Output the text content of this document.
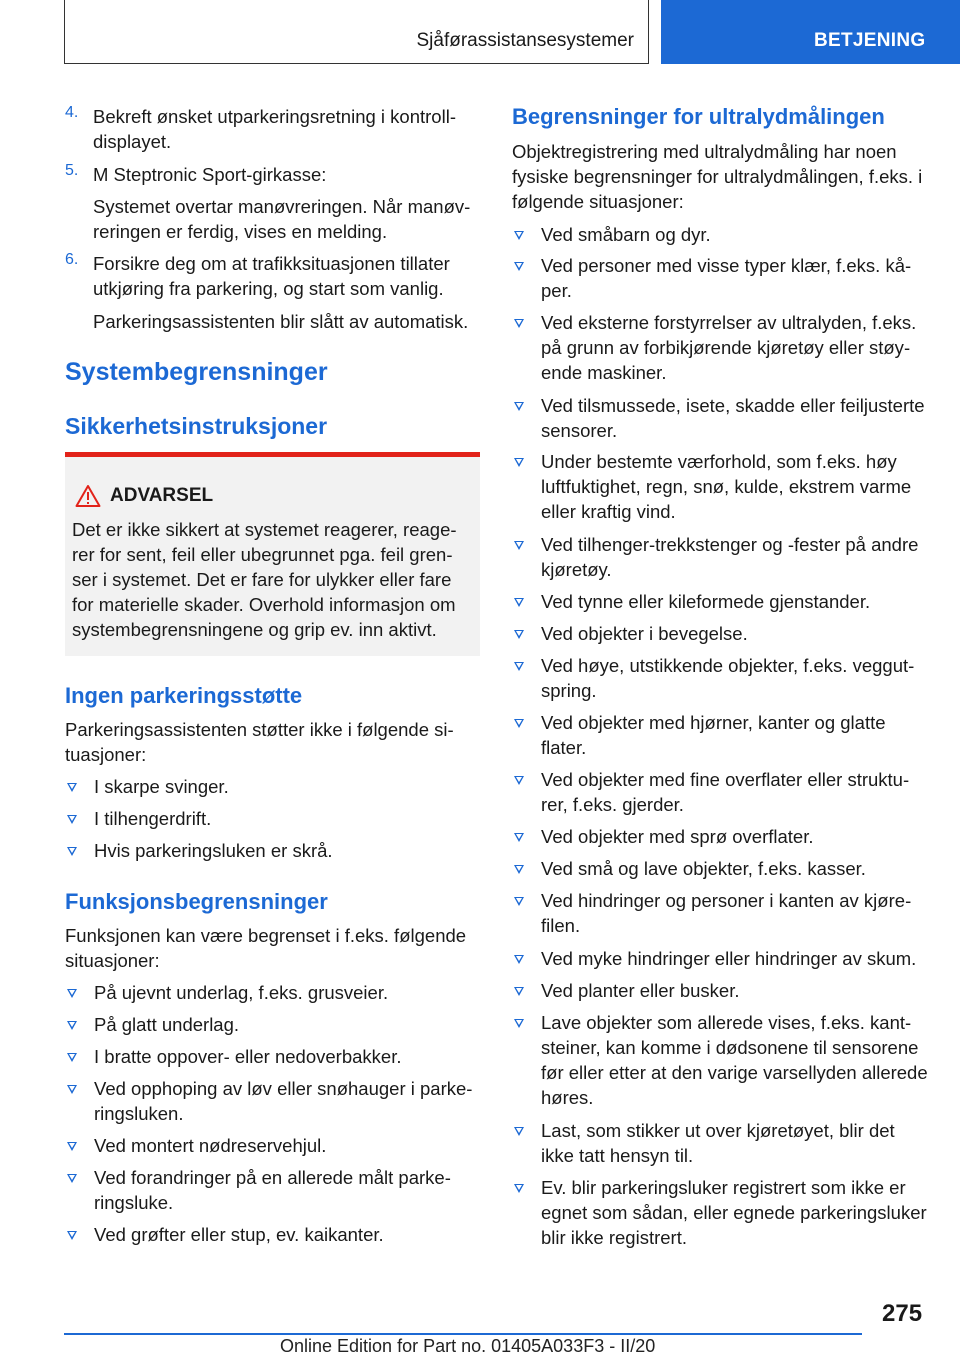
Sjåførassistansesystemer	BETJENING
4. Bekreft ønsket utparkeringsretning i kontrolldisplayet.

5. M Steptronic Sport-girkasse:

Systemet overtar manøvreringen. Når manøvreringen er ferdig, vises en melding.

6. Forsikre deg om at trafikksituasjonen tillater utkjøring fra parkering, og start som vanlig.

Parkeringsassistenten blir slått av automatisk.

Systembegrensninger
Sikkerhetsinstruksjoner
ADVARSEL

Det er ikke sikkert at systemet reagerer, reagerer for sent, feil eller ubegrunnet pga. feil grenser i systemet. Det er fare for ulykker eller fare for materielle skader. Overhold informasjon om systembegrensningene og grip ev. inn aktivt.

Ingen parkeringsstøtte

Parkeringsassistenten støtter ikke i følgende situasjoner:

I skarpe svinger.

I tilhengerdrift.

Hvis parkeringsluken er skrå.

Funksjonsbegrensninger

Funksjonen kan være begrenset i f.eks. følgende situasjoner:

På ujevnt underlag, f.eks. grusveier.

På glatt underlag.

I bratte oppover- eller nedoverbakker.

Ved opphoping av løv eller snøhauger i parkeringsluken.

Ved montert nødreservehjul.

Ved forandringer på en allerede målt parkeringsluke.

Ved grøfter eller stup, ev. kaikanter.

Begrensninger for ultralydmålingen

Objektregistrering med ultralydmåling har noen fysiske begrensninger for ultralydmålingen, f.eks. i følgende situasjoner:

Ved småbarn og dyr.

Ved personer med visse typer klær, f.eks. kåper.

Ved eksterne forstyrrelser av ultralyden, f.eks. på grunn av forbikjørende kjøretøy eller støyende maskiner.

Ved tilsmussede, isete, skadde eller feiljusterte sensorer.

Under bestemte værforhold, som f.eks. høy luftfuktighet, regn, snø, kulde, ekstrem varme eller kraftig vind.

Ved tilhenger-trekkstenger og -fester på andre kjøretøy.

Ved tynne eller kileformede gjenstander.

Ved objekter i bevegelse.

Ved høye, utstikkende objekter, f.eks. veggutspring.

Ved objekter med hjørner, kanter og glatte flater.

Ved objekter med fine overflater eller strukturer, f.eks. gjerder.

Ved objekter med sprø overflater.

Ved små og lave objekter, f.eks. kasser.

Ved hindringer og personer i kanten av kjørefilen.

Ved myke hindringer eller hindringer av skum.

Ved planter eller busker.

Lave objekter som allerede vises, f.eks. kantsteiner, kan komme i dødsonene til sensorene før eller etter at den varige varsellyden allerede høres.

Last, som stikker ut over kjøretøyet, blir det ikke tatt hensyn til.

Ev. blir parkeringsluker registrert som ikke er egnet som sådan, eller egnede parkeringsluker blir ikke registrert.

275
Online Edition for Part no. 01405A033F3 - II/20
